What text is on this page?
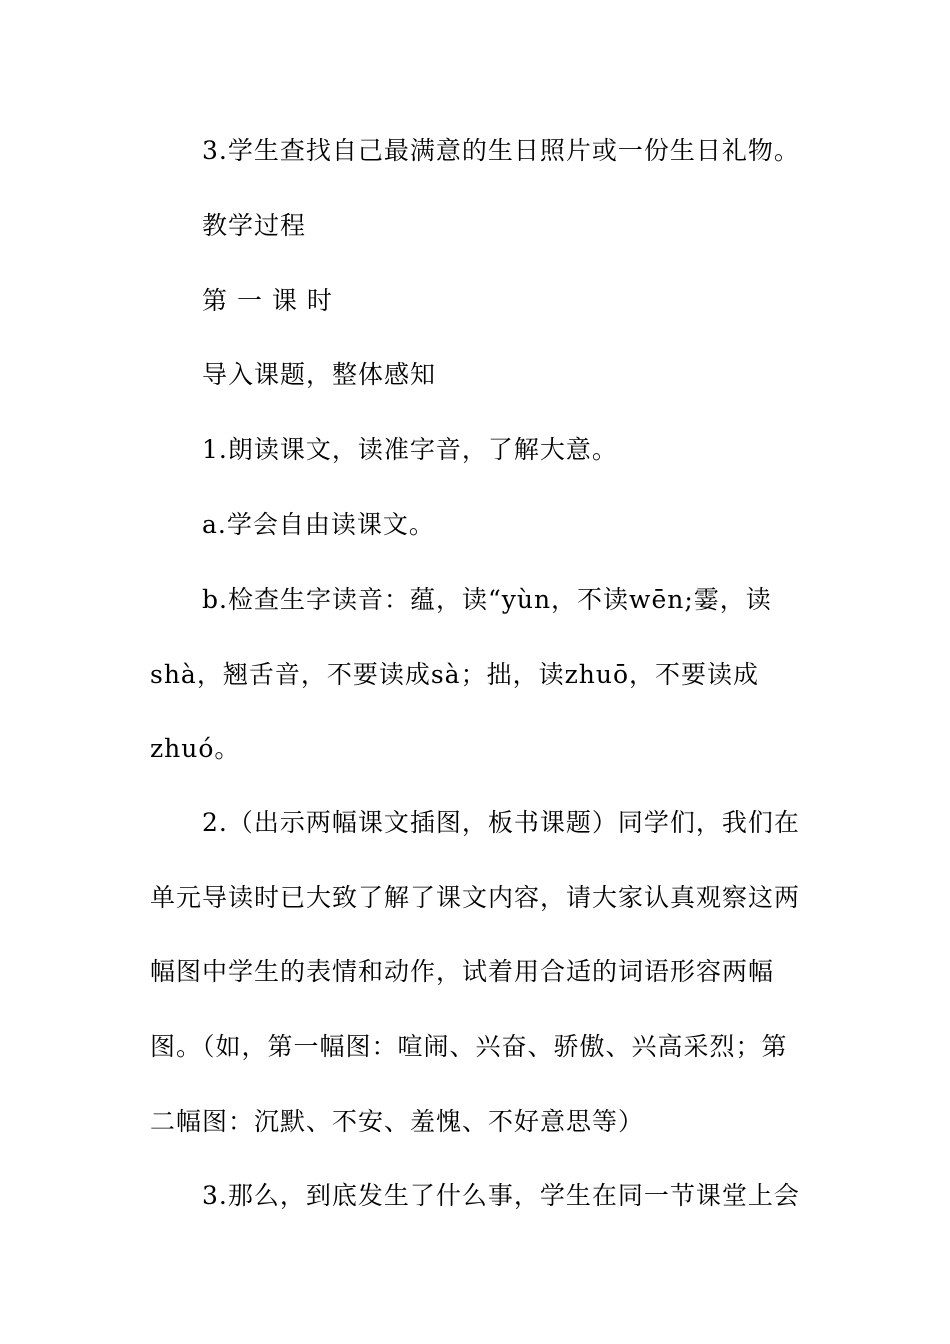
3.学生查找自己最满意的生日照片或一份生日礼物。
教学过程
第 一 课 时
导入课题，整体感知
1.朗读课文，读准字音，了解大意。
a.学会自由读课文。
b.检查生字读音：蕴，读“yùn，不读wēn;霎，读
shà，翘舌音，不要读成sà；拙，读zhuō，不要读成
zhuó。
2.（出示两幅课文插图，板书课题）同学们，我们在
单元导读时已大致了解了课文内容，请大家认真观察这两
幅图中学生的表情和动作，试着用合适的词语形容两幅
图。（如，第一幅图：喧闹、兴奋、骄傲、兴高采烈；第
二幅图：沉默、不安、羞愧、不好意思等）
3.那么，到底发生了什么事，学生在同一节课堂上会
